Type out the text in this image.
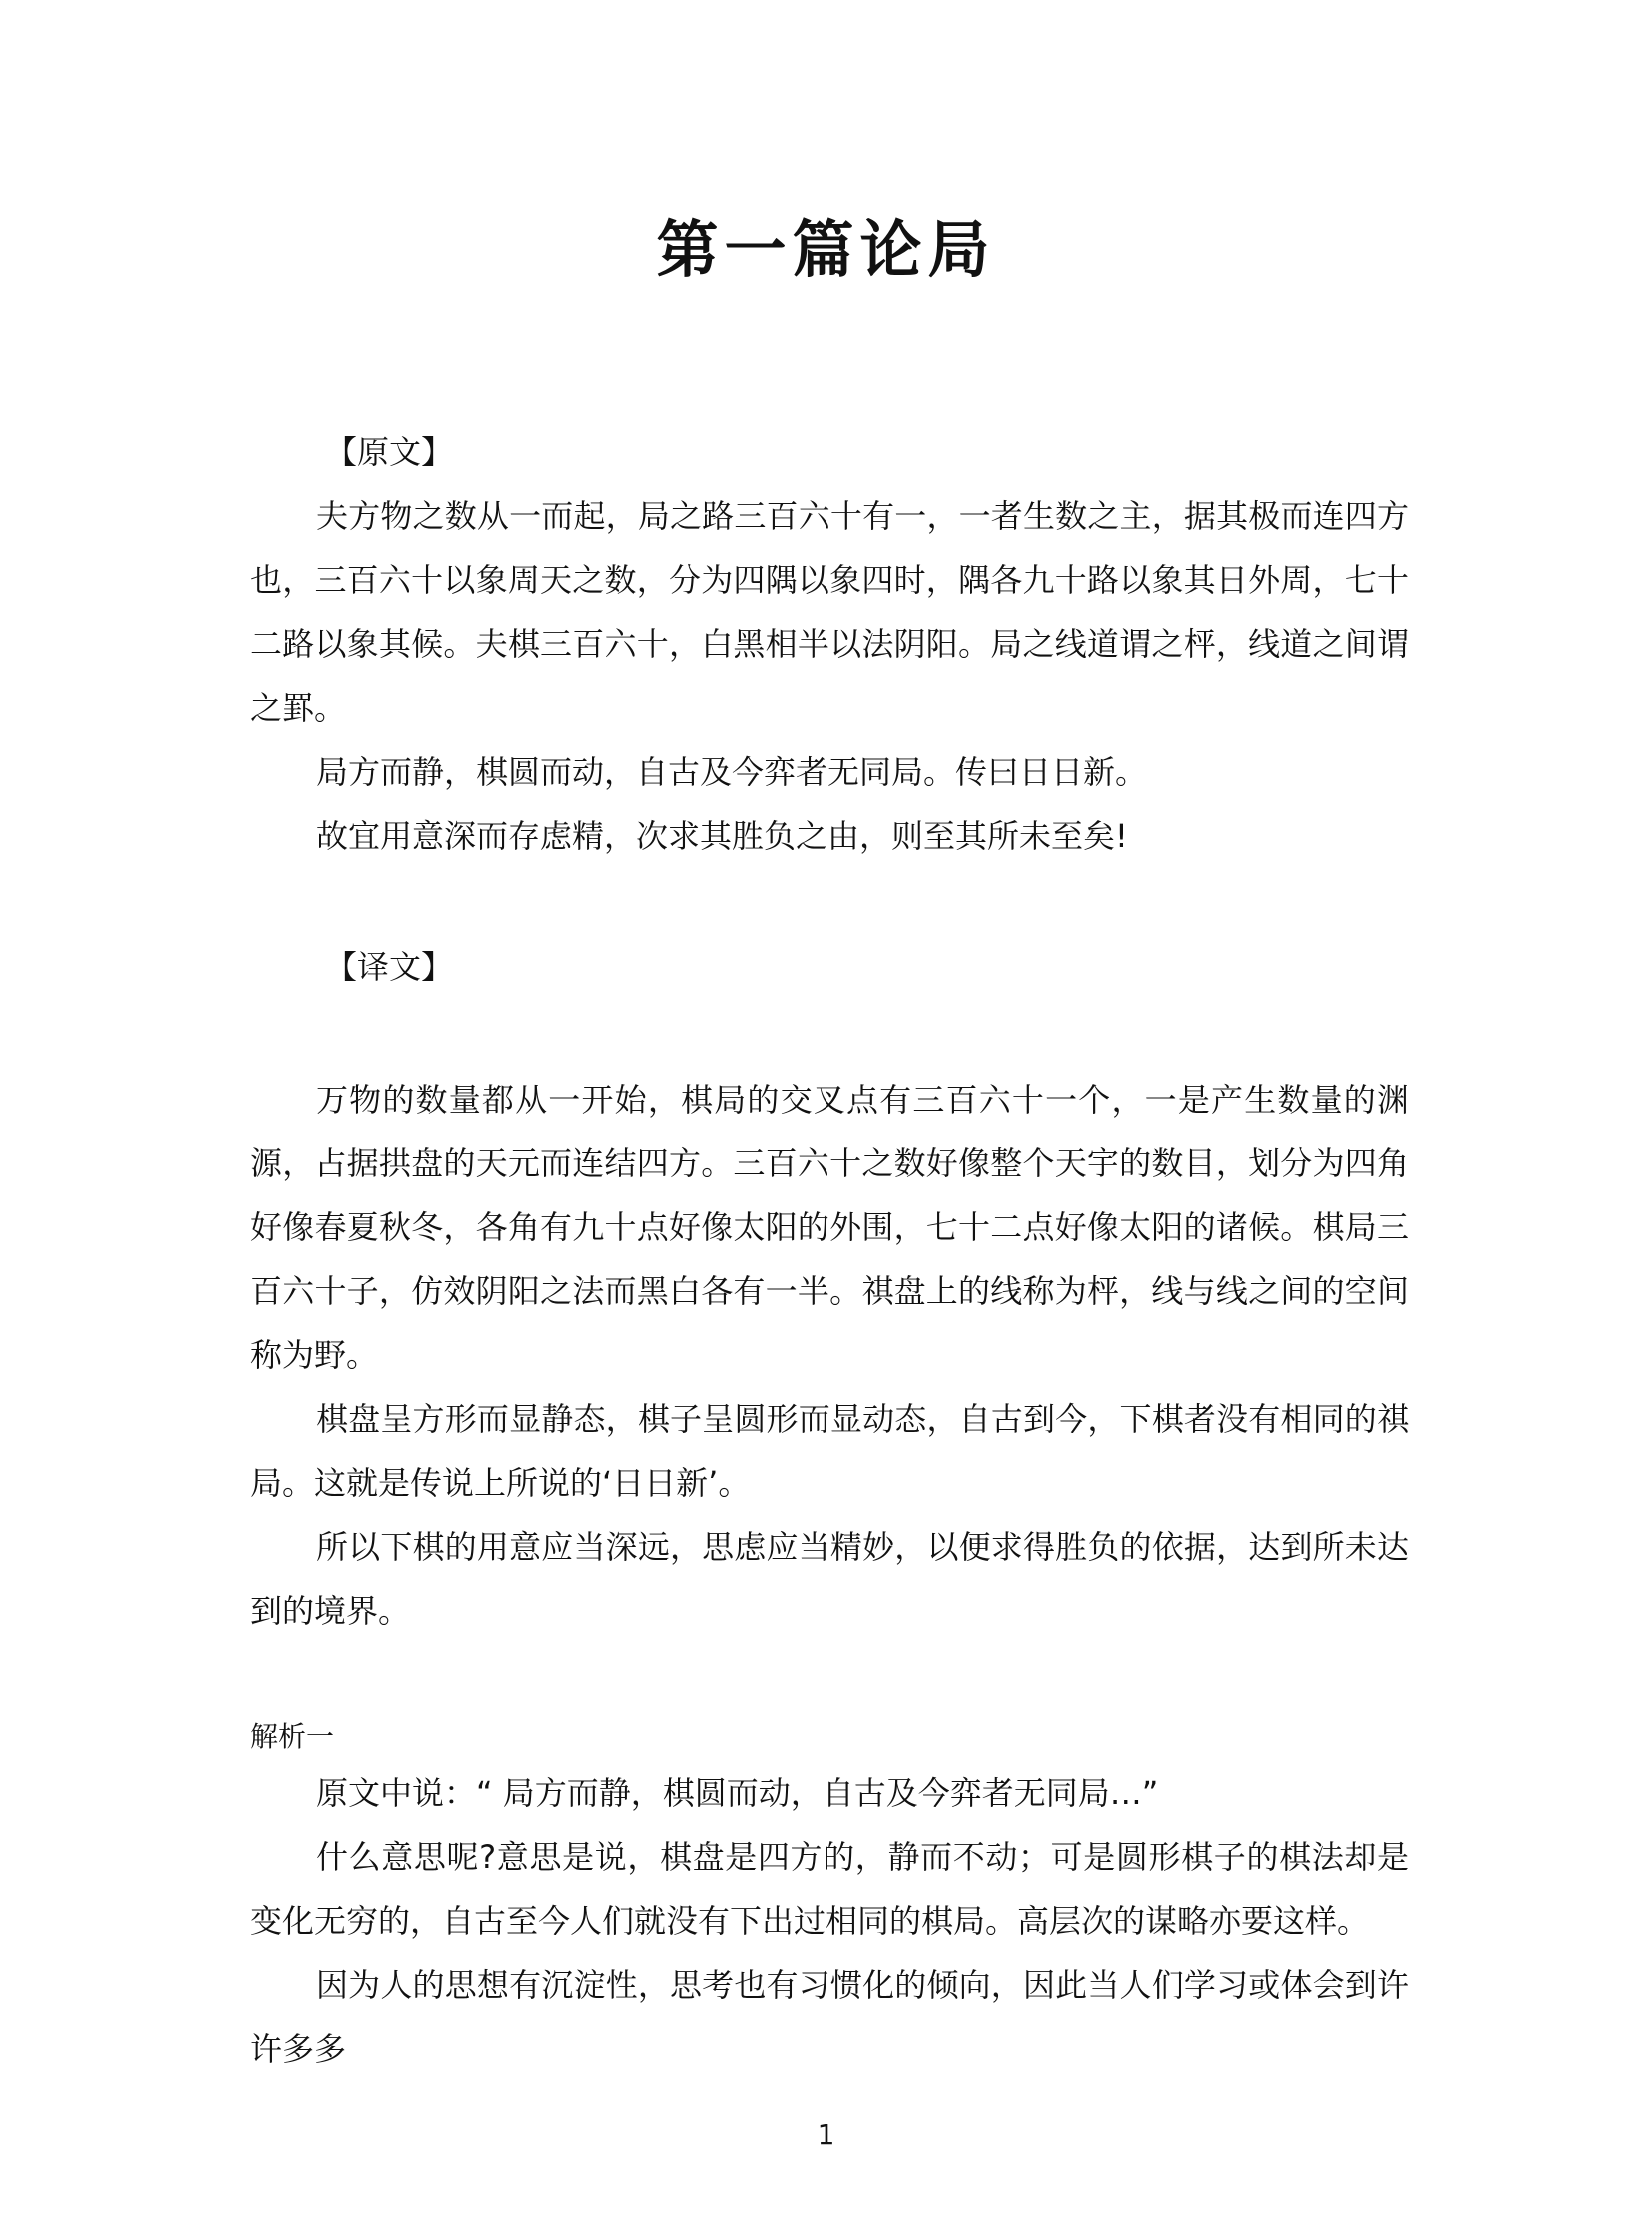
第一篇论局
【原文】

夫方物之数从一而起，局之路三百六十有一，一者生数之主，据其极而连四方也，三百六十以象周天之数，分为四隅以象四时，隅各九十路以象其日外周，七十二路以象其候。夫棋三百六十，白黑相半以法阴阳。局之线道谓之枰，线道之间谓之罫。

局方而静，棋圆而动，自古及今弈者无同局。传曰日日新。

故宜用意深而存虑精，次求其胜负之由，则至其所未至矣!

【译文】

万物的数量都从一开始，棋局的交叉点有三百六十一个，一是产生数量的渊源，占据拱盘的天元而连结四方。三百六十之数好像整个天宇的数目，划分为四角好像春夏秋冬，各角有九十点好像太阳的外围，七十二点好像太阳的诸候。棋局三百六十子，仿效阴阳之法而黑白各有一半。祺盘上的线称为枰，线与线之间的空间称为野。

棋盘呈方形而显静态，棋子呈圆形而显动态，自古到今，下棋者没有相同的祺局。这就是传说上所说的‘日日新’。

所以下棋的用意应当深远，思虑应当精妙，以便求得胜负的依据，达到所未达到的境界。

解析一

原文中说：“ 局方而静，棋圆而动，自古及今弈者无同局…”

什么意思呢?意思是说，棋盘是四方的，静而不动；可是圆形棋子的棋法却是变化无穷的，自古至今人们就没有下出过相同的棋局。高层次的谋略亦要这样。

因为人的思想有沉淀性，思考也有习惯化的倾向，因此当人们学习或体会到许许多多

1
